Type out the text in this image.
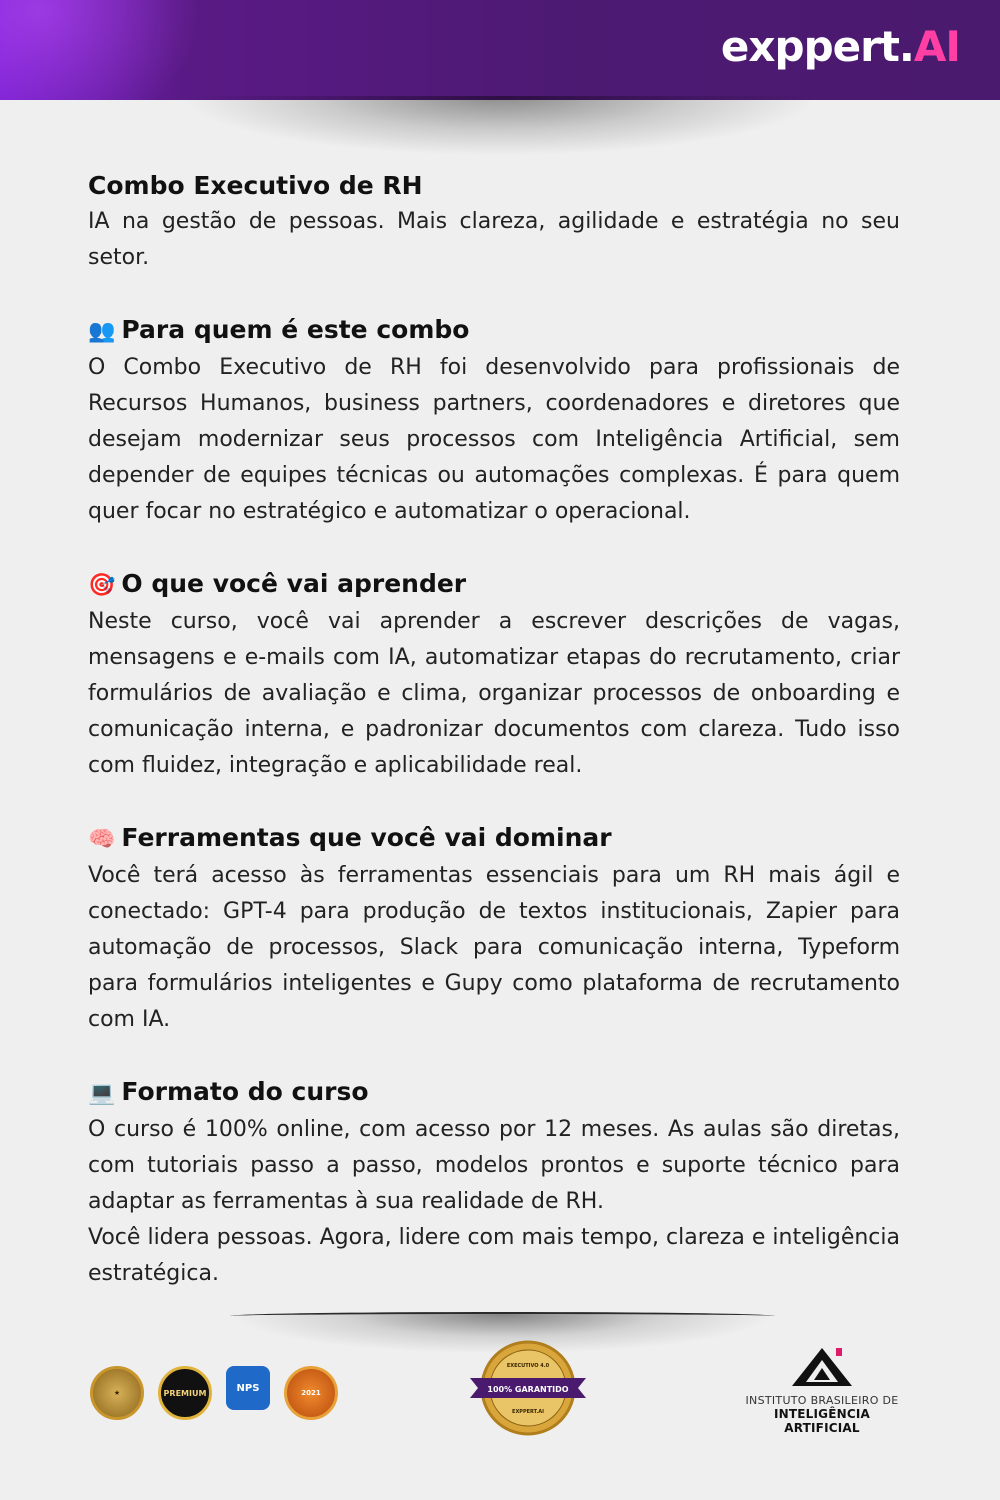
exppert.AI
Combo Executivo de RH

IA na gestão de pessoas. Mais clareza, agilidade e estratégia no seu setor.

👥 Para quem é este combo

O Combo Executivo de RH foi desenvolvido para profissionais de Recursos Humanos, business partners, coordenadores e diretores que desejam modernizar seus processos com Inteligência Artificial, sem depender de equipes técnicas ou automações complexas. É para quem quer focar no estratégico e automatizar o operacional.

🎯 O que você vai aprender

Neste curso, você vai aprender a escrever descrições de vagas, mensagens e e-mails com IA, automatizar etapas do recrutamento, criar formulários de avaliação e clima, organizar processos de onboarding e comunicação interna, e padronizar documentos com clareza. Tudo isso com fluidez, integração e aplicabilidade real.

🧠 Ferramentas que você vai dominar

Você terá acesso às ferramentas essenciais para um RH mais ágil e conectado: GPT-4 para produção de textos institucionais, Zapier para automação de processos, Slack para comunicação interna, Typeform para formulários inteligentes e Gupy como plataforma de recrutamento com IA.

💻 Formato do curso

O curso é 100% online, com acesso por 12 meses. As aulas são diretas, com tutoriais passo a passo, modelos prontos e suporte técnico para adaptar as ferramentas à sua realidade de RH.

Você lidera pessoas. Agora, lidere com mais tempo, clareza e inteligência estratégica.

★	PREMIUM	NPS	2021	100% GARANTIDO
EXECUTIVO 4.0
EXPPERT.AI
INSTITUTO BRASILEIRO DE
INTELIGÊNCIA ARTIFICIAL
